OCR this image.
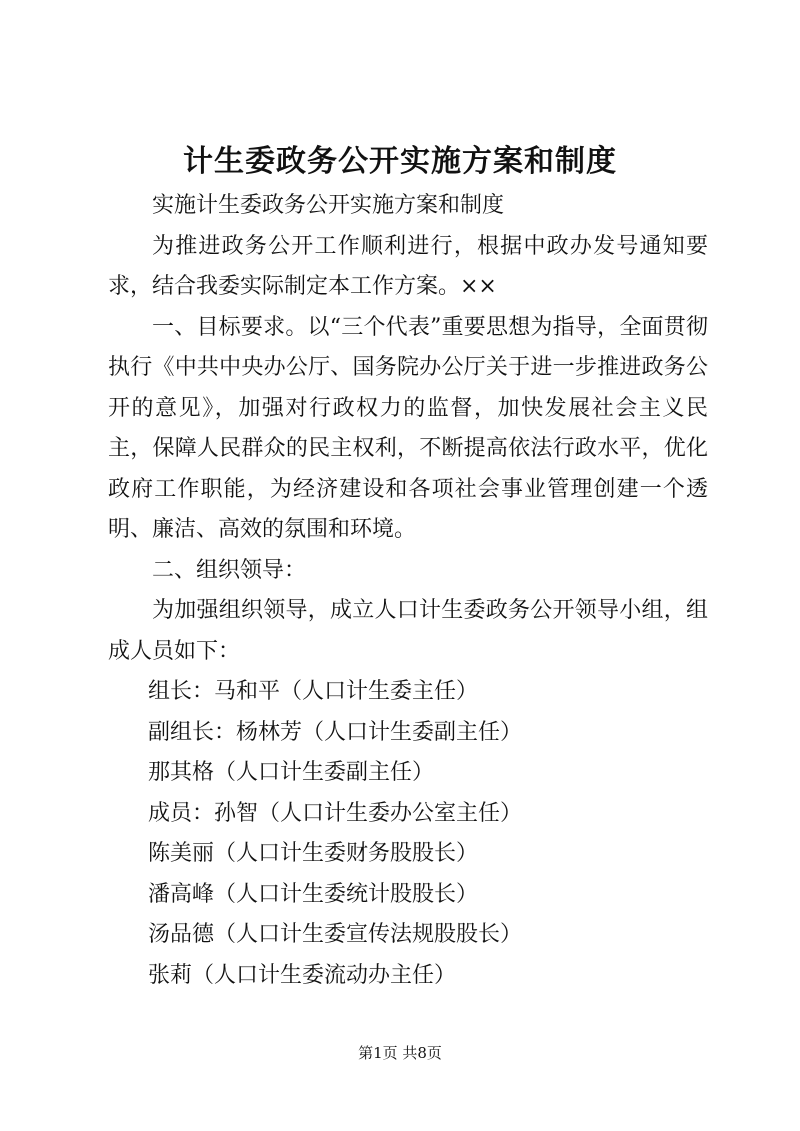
计生委政务公开实施方案和制度

实施计生委政务公开实施方案和制度

为推进政务公开工作顺利进行，根据中政办发号通知要求，结合我委实际制定本工作方案。××

一、目标要求。以“三个代表”重要思想为指导，全面贯彻执行《中共中央办公厅、国务院办公厅关于进一步推进政务公开的意见》，加强对行政权力的监督，加快发展社会主义民主，保障人民群众的民主权利，不断提高依法行政水平，优化政府工作职能，为经济建设和各项社会事业管理创建一个透明、廉洁、高效的氛围和环境。

二、组织领导：

为加强组织领导，成立人口计生委政务公开领导小组，组成人员如下：

组长：马和平（人口计生委主任）

副组长：杨林芳（人口计生委副主任）

那其格（人口计生委副主任）

成员：孙智（人口计生委办公室主任）

陈美丽（人口计生委财务股股长）

潘高峰（人口计生委统计股股长）

汤品德（人口计生委宣传法规股股长）

张莉（人口计生委流动办主任）

第1页 共8页
